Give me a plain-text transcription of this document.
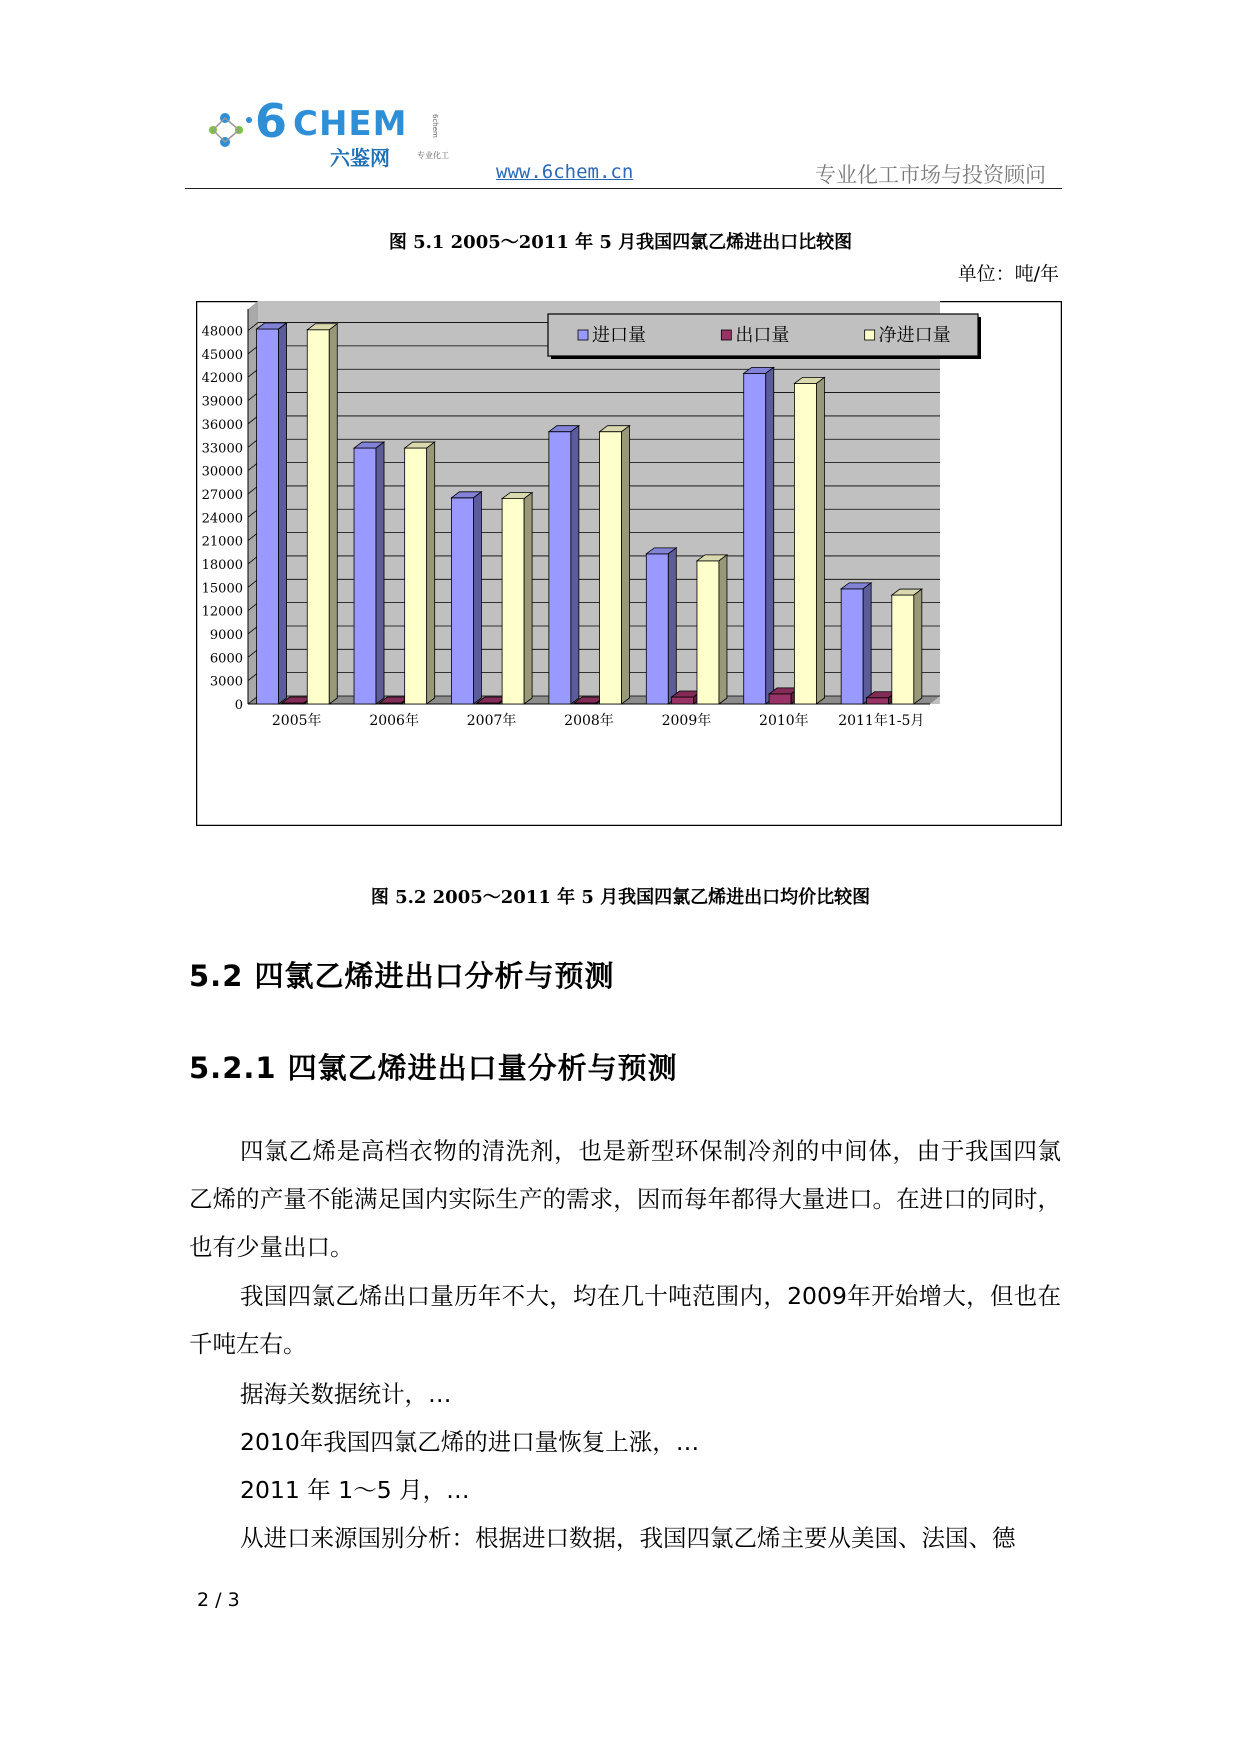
6 CHEM
六鉴网	专业化工
6chem
www.6chem.cn	专业化工市场与投资顾问
图 5.1 2005～2011 年 5 月我国四氯乙烯进出口比较图
单位：吨/年
0
3000
6000
9000
12000
15000
18000
21000
24000
27000
30000
33000
36000
39000
42000
45000
48000
2005年	2006年	2007年	2008年	2009年	2010年 2011年1-5月
进口量	出口量	净进口量
图 5.2 2005～2011 年 5 月我国四氯乙烯进出口均价比较图
5.2 四氯乙烯进出口分析与预测
5.2.1 四氯乙烯进出口量分析与预测
四氯乙烯是高档衣物的清洗剂，也是新型环保制冷剂的中间体，由于我国四氯乙烯的产量不能满足国内实际生产的需求，因而每年都得大量进口。在进口的同时，也有少量出口。
我国四氯乙烯出口量历年不大，均在几十吨范围内，2009年开始增大，但也在千吨左右。
据海关数据统计，…
2010年我国四氯乙烯的进口量恢复上涨，…
2011 年 1～5 月，…
从进口来源国别分析：根据进口数据，我国四氯乙烯主要从美国、法国、德
2 / 3
